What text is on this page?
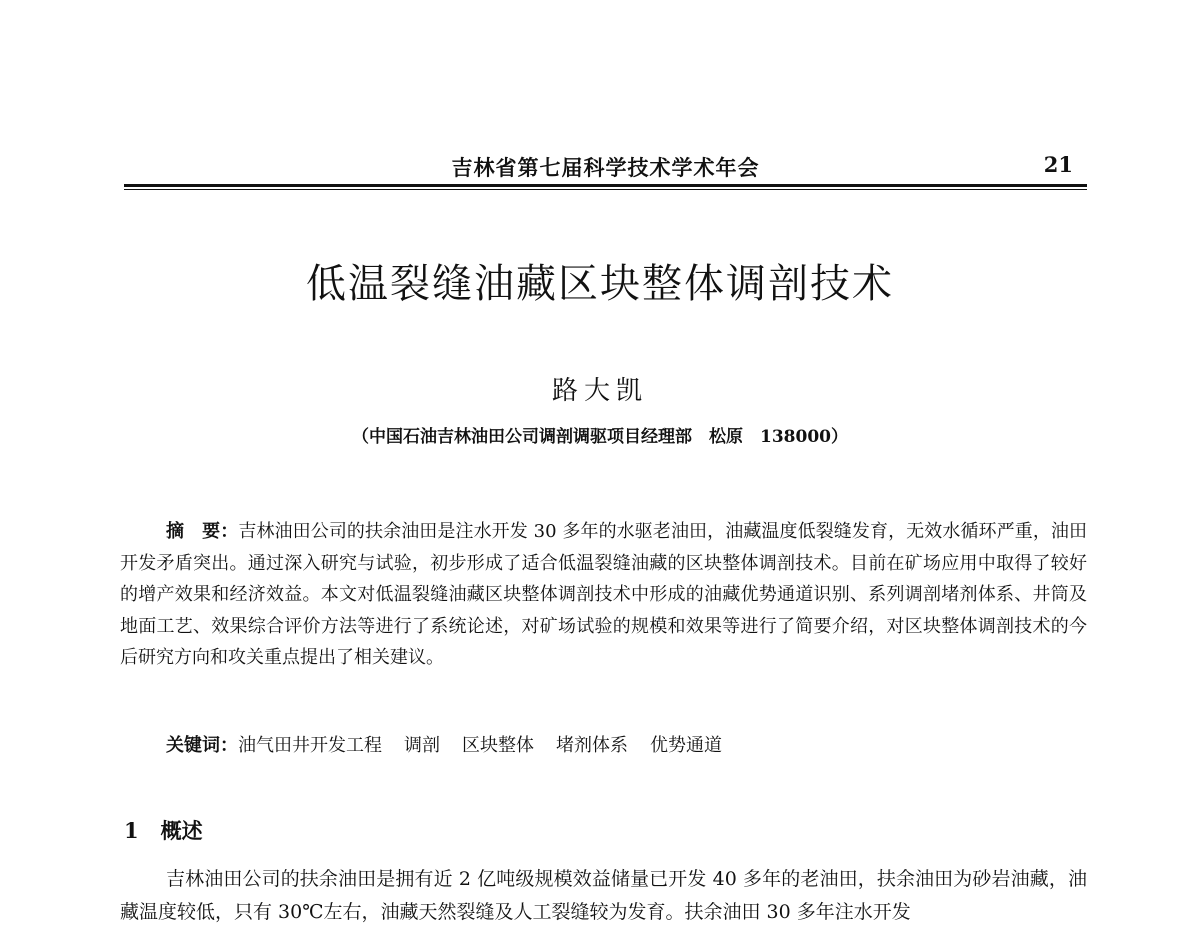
吉林省第七届科学技术学术年会	21
低温裂缝油藏区块整体调剖技术
路大凯
（中国石油吉林油田公司调剖调驱项目经理部　松原　138000）

摘　要：吉林油田公司的扶余油田是注水开发 30 多年的水驱老油田，油藏温度低裂缝发育，无效水循环严重，油田开发矛盾突出。通过深入研究与试验，初步形成了适合低温裂缝油藏的区块整体调剖技术。目前在矿场应用中取得了较好的增产效果和经济效益。本文对低温裂缝油藏区块整体调剖技术中形成的油藏优势通道识别、系列调剖堵剂体系、井筒及地面工艺、效果综合评价方法等进行了系统论述，对矿场试验的规模和效果等进行了简要介绍，对区块整体调剖技术的今后研究方向和攻关重点提出了相关建议。

关键词：油气田井开发工程 调剖 区块整体 堵剂体系 优势通道
1 概述

吉林油田公司的扶余油田是拥有近 2 亿吨级规模效益储量已开发 40 多年的老油田，扶余油田为砂岩油藏，油藏温度较低，只有 30℃左右，油藏天然裂缝及人工裂缝较为发育。扶余油田 30 多年注水开发
